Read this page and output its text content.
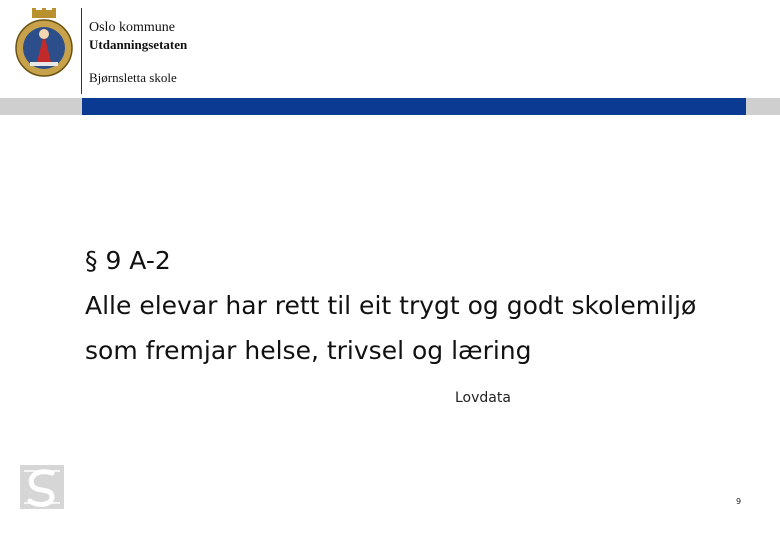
Oslo kommune
Utdanningsetaten
Bjørnsletta skole
§ 9 A-2
Alle elevar har rett til eit trygt og godt skolemiljø
som fremjar helse, trivsel og læring
Lovdata
9
